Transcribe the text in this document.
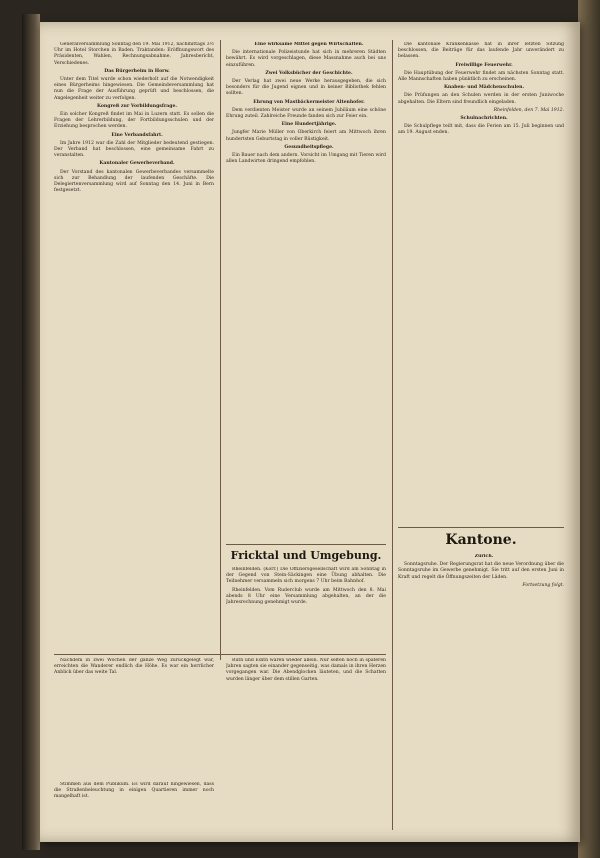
Generalversammlung Sonntag den 19. Mai 1912, nachmittags 3½ Uhr im Hotel Storchen in Baden. Traktanden: Eröffnungswort des Präsidenten, Wahlen, Rechnungsabnahme, Jahresbericht, Verschiedenes.

Das Bürgerheim in Horw.

Unter dem Titel wurde schon wiederholt auf die Notwendigkeit eines Bürgerheims hingewiesen. Die Gemeindeversammlung hat nun die Frage der Ausführung geprüft und beschlossen, die Angelegenheit weiter zu verfolgen.

Kongreß zur Vorbildungsfrage.

Ein solcher Kongreß findet im Mai in Luzern statt. Es sollen die Fragen der Lehrerbildung, der Fortbildungsschulen und der Erziehung besprochen werden.

Eine Verbandsfahrt.

Im Jahre 1912 war die Zahl der Mitglieder bedeutend gestiegen. Der Verband hat beschlossen, eine gemeinsame Fahrt zu veranstalten.

Kantonaler Gewerbeverband.

Der Vorstand des kantonalen Gewerbeverbandes versammelte sich zur Behandlung der laufenden Geschäfte. Die Delegiertenversammlung wird auf Sonntag den 14. Juni in Bern festgesetzt.

Eine wirksame Mittel gegen Wirtschaften.

Die internationale Polizeistunde hat sich in mehreren Städten bewährt. Es wird vorgeschlagen, diese Massnahme auch bei uns einzuführen.

Zwei Volksbücher der Geschichte.

Der Verlag hat zwei neue Werke herausgegeben, die sich besonders für die Jugend eignen und in keiner Bibliothek fehlen sollten.

Ehrung von Mastbäckermeister Altenhofer.

Dem verdienten Meister wurde an seinem Jubiläum eine schöne Ehrung zuteil. Zahlreiche Freunde fanden sich zur Feier ein.

Eine Hundertjährige.

Jungfer Marie Müller von Oberkirch feiert am Mittwoch ihren hundertsten Geburtstag in voller Rüstigkeit.

Gesundheitspflege.

Ein Bauer nach dem andern. Vorsicht im Umgang mit Tieren wird allen Landwirten dringend empfohlen.

Die kantonale Krankenkasse hat in ihrer letzten Sitzung beschlossen, die Beiträge für das laufende Jahr unverändert zu belassen.

Freiwillige Feuerwehr.

Die Hauptübung der Feuerwehr findet am nächsten Sonntag statt. Alle Mannschaften haben pünktlich zu erscheinen.

Knaben- und Mädchenschulen.

Die Prüfungen an den Schulen werden in der ersten Juniwoche abgehalten. Die Eltern sind freundlich eingeladen.

Rheinfelden, den 7. Mai 1912.

Schulnachrichten.

Die Schulpflege teilt mit, dass die Ferien am 15. Juli beginnen und am 19. August enden.

Fricktal und Umgebung.

Rheinfelden. (Korr.) Die Offiziersgesellschaft wird am Sonntag in der Gegend von Stein-Säckingen eine Übung abhalten. Die Teilnehmer versammeln sich morgens 7 Uhr beim Bahnhof.

Rheinfelden. Vom Ruderclub wurde am Mittwoch den 8. Mai abends 8 Uhr eine Versammlung abgehalten, an der die Jahresrechnung genehmigt wurde.

Kantone.

Zürich.

Sonntagsruhe. Der Regierungsrat hat die neue Verordnung über die Sonntagsruhe im Gewerbe genehmigt. Sie tritt auf den ersten Juni in Kraft und regelt die Öffnungszeiten der Läden.

Fortsetzung folgt.

Ruth und Edith waren wieder allein. Nur selten noch in späteren Jahren sagten sie einander gegenseitig, was damals in ihren Herzen vorgegangen war. Die Abendglocken läuteten, und die Schatten wurden länger über dem stillen Garten.

Nachdem in zwei Wochen der ganze Weg zurückgelegt war, erreichten die Wanderer endlich die Höhe. Es war ein herrlicher Anblick über das weite Tal.

Stimmen aus dem Publikum. Es wird darauf hingewiesen, dass die Straßenbeleuchtung in einigen Quartieren immer noch mangelhaft ist.
